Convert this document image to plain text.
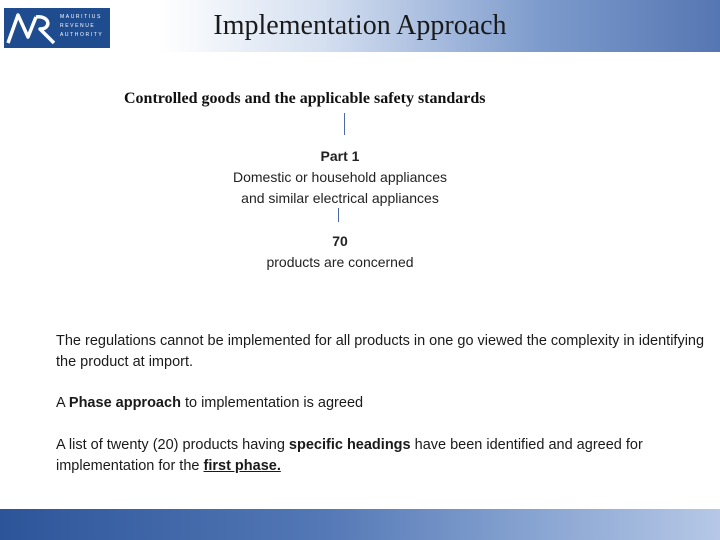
MAURITIUS
REVENUE
AUTHORITY	Implementation Approach
Controlled goods and the applicable safety standards
Part 1
Domestic or household appliances
and similar electrical appliances
70
products are concerned
The regulations cannot be implemented for all products in one go viewed the complexity in identifying the product at import.
A Phase approach to implementation is agreed
A list of twenty (20) products having specific headings have been identified and agreed for implementation for the first phase.
